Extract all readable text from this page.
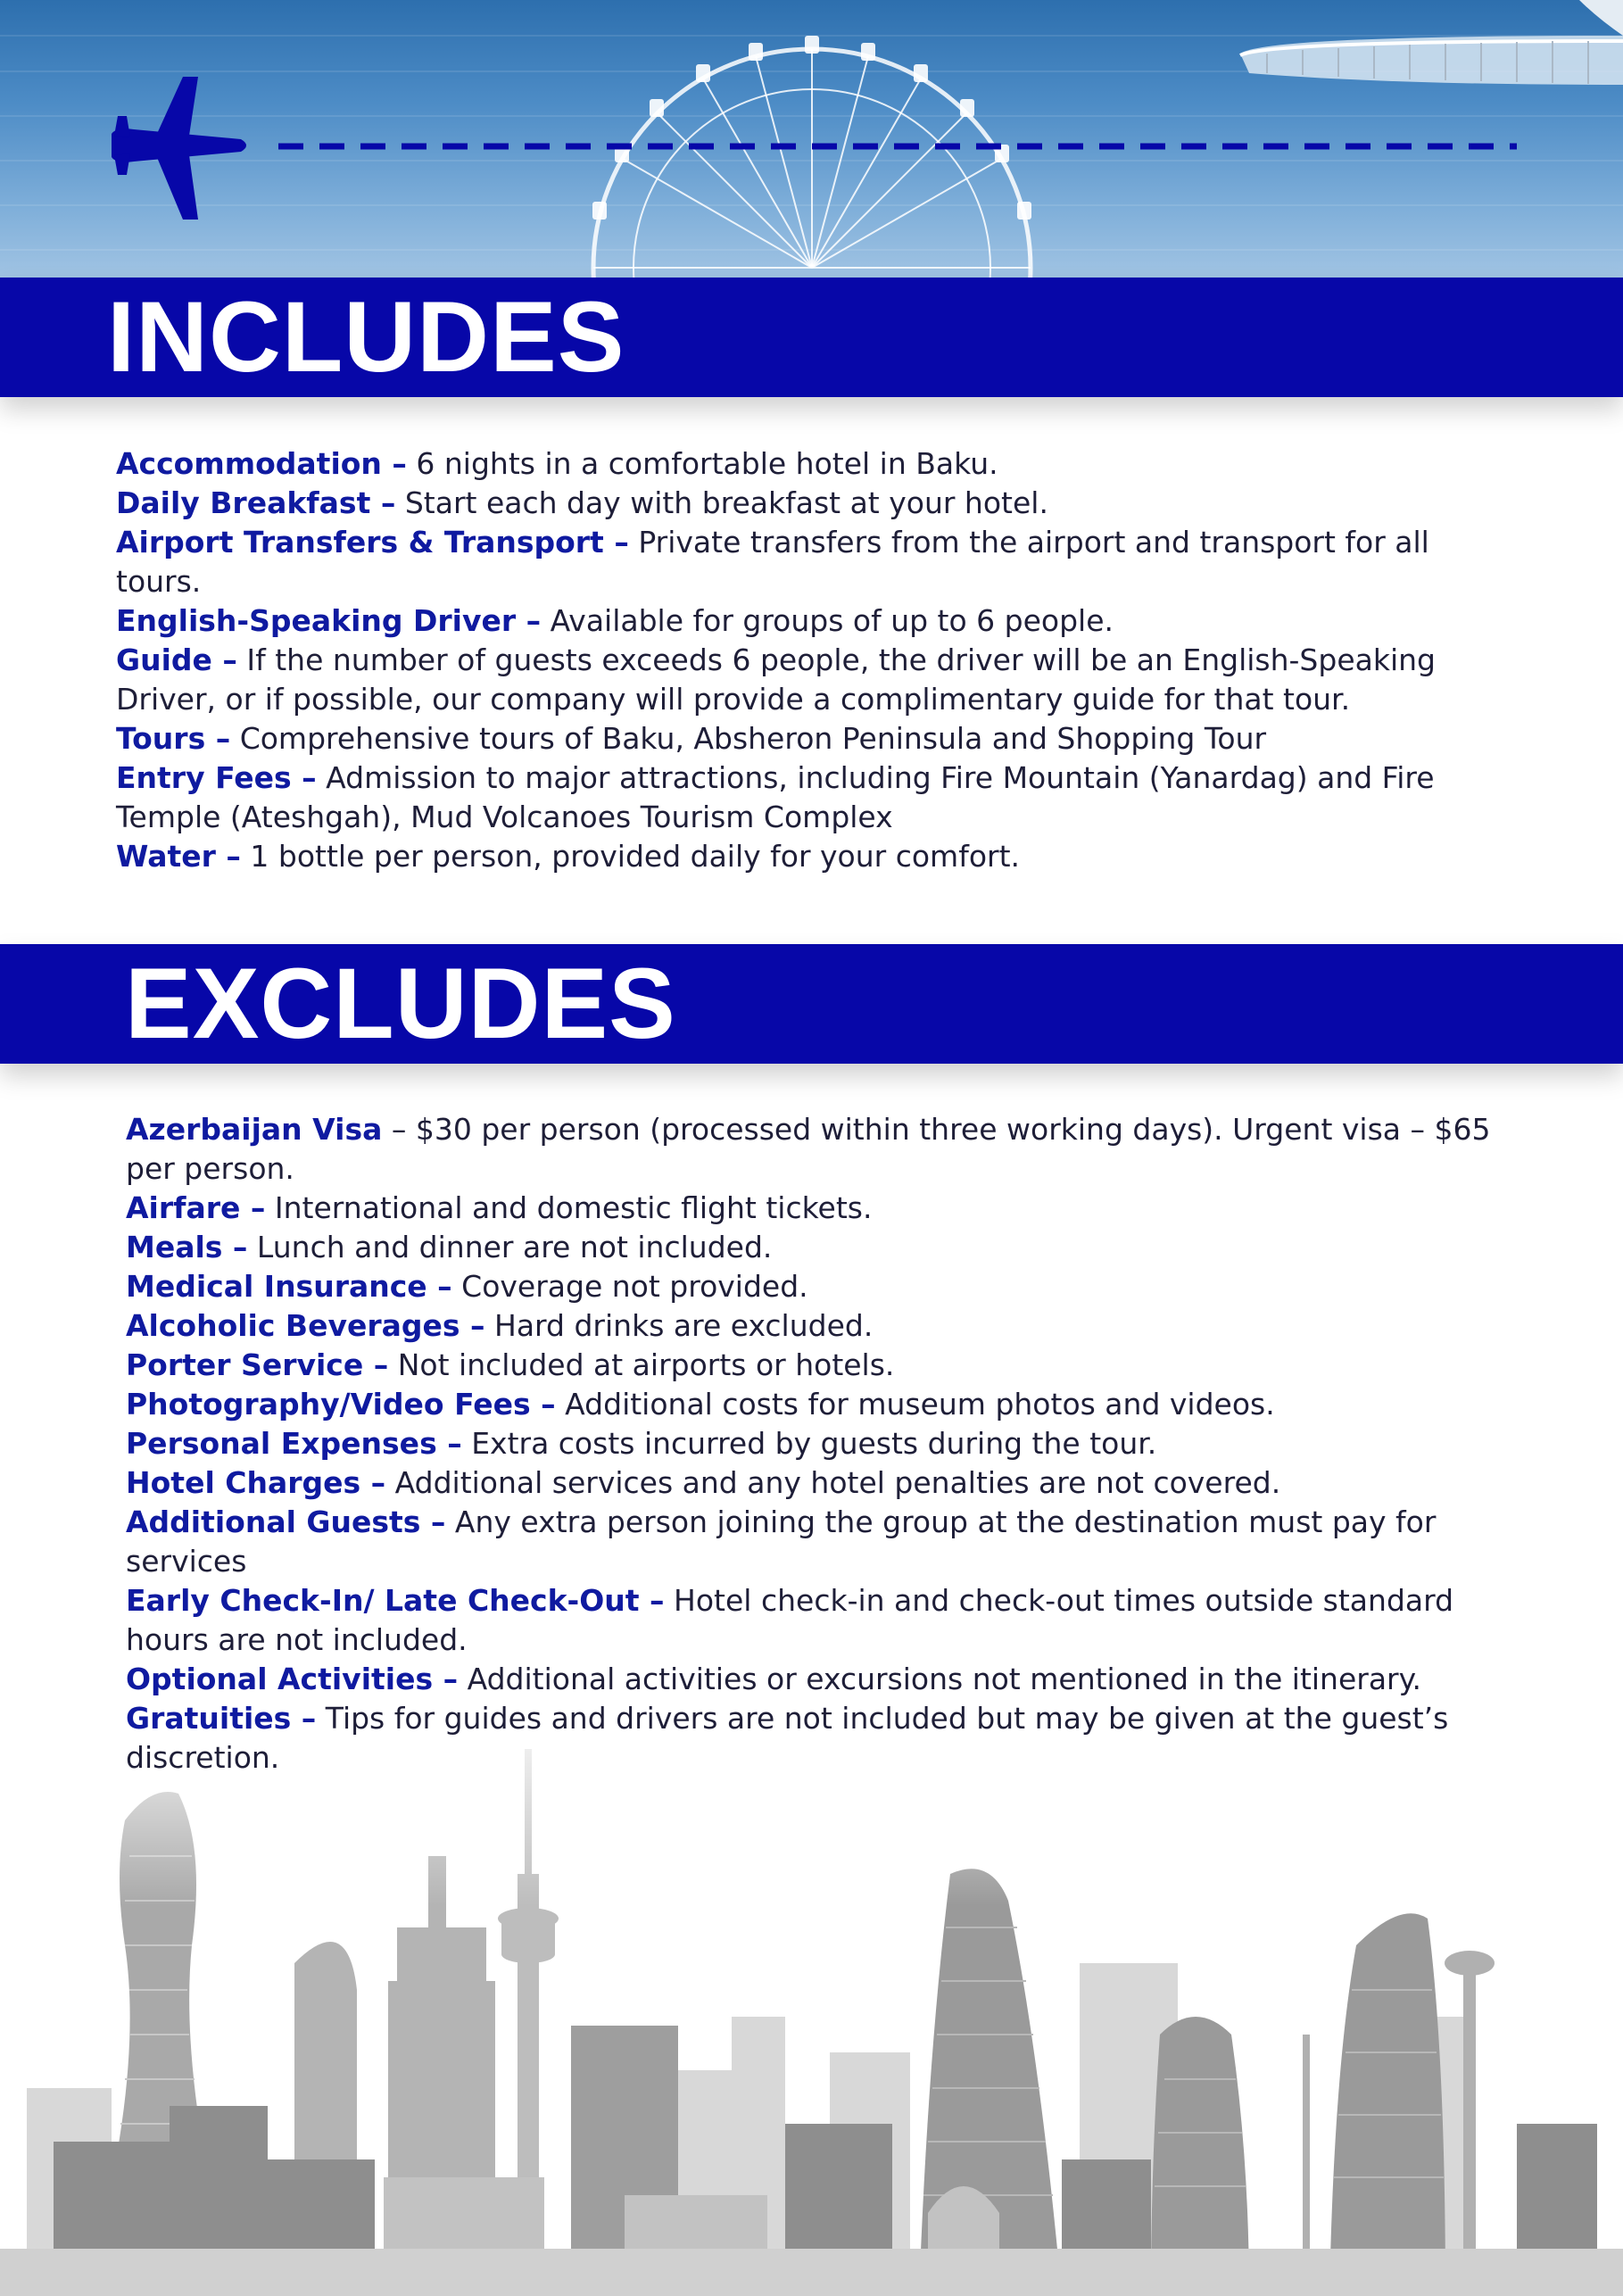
INCLUDES
Accommodation – 6 nights in a comfortable hotel in Baku.
Daily Breakfast – Start each day with breakfast at your hotel.
Airport Transfers & Transport – Private transfers from the airport and transport for all tours.
English-Speaking Driver – Available for groups of up to 6 people.
Guide – If the number of guests exceeds 6 people, the driver will be an English-Speaking Driver, or if possible, our company will provide a complimentary guide for that tour.
Tours – Comprehensive tours of Baku, Absheron Peninsula and Shopping Tour
Entry Fees – Admission to major attractions, including Fire Mountain (Yanardag) and Fire Temple (Ateshgah), Mud Volcanoes Tourism Complex
Water – 1 bottle per person, provided daily for your comfort.
EXCLUDES
Azerbaijan Visa – $30 per person (processed within three working days). Urgent visa – $65 per person.
Airfare – International and domestic flight tickets.
Meals – Lunch and dinner are not included.
Medical Insurance – Coverage not provided.
Alcoholic Beverages – Hard drinks are excluded.
Porter Service – Not included at airports or hotels.
Photography/Video Fees – Additional costs for museum photos and videos.
Personal Expenses – Extra costs incurred by guests during the tour.
Hotel Charges – Additional services and any hotel penalties are not covered.
Additional Guests – Any extra person joining the group at the destination must pay for services
Early Check-In/ Late Check-Out – Hotel check-in and check-out times outside standard hours are not included.
Optional Activities – Additional activities or excursions not mentioned in the itinerary.
Gratuities – Tips for guides and drivers are not included but may be given at the guest’s discretion.
